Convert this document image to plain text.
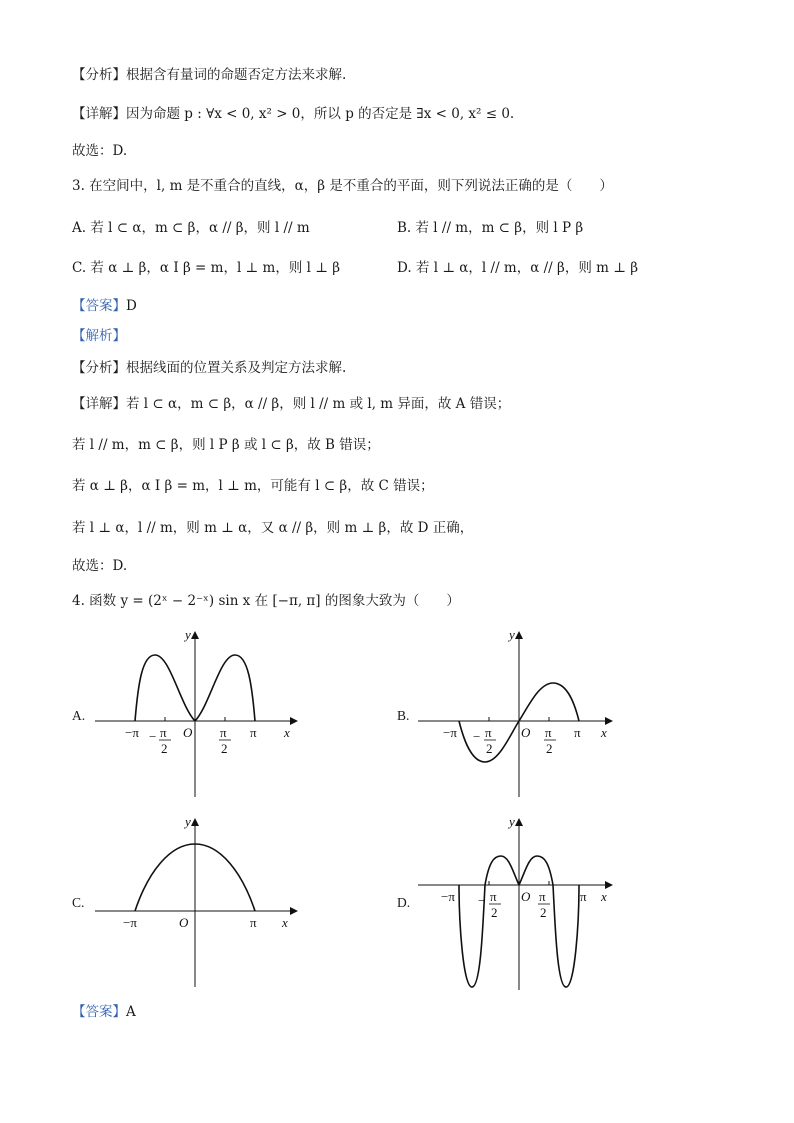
【分析】根据含有量词的命题否定方法来求解.
【详解】因为命题 p : ∀x < 0, x² > 0，所以 p 的否定是 ∃x < 0, x² ≤ 0.
故选：D.
3. 在空间中，l, m 是不重合的直线，α，β 是不重合的平面，则下列说法正确的是（　　）
A. 若 l ⊂ α，m ⊂ β，α // β，则 l // m	B. 若 l // m，m ⊂ β，则 l P β
C. 若 α ⊥ β，α I β = m，l ⊥ m，则 l ⊥ β	D. 若 l ⊥ α，l // m，α // β，则 m ⊥ β
【答案】D
【解析】
【分析】根据线面的位置关系及判定方法求解.
【详解】若 l ⊂ α，m ⊂ β，α // β，则 l // m 或 l, m 异面，故 A 错误；
若 l // m，m ⊂ β，则 l P β 或 l ⊂ β，故 B 错误；
若 α ⊥ β，α I β = m，l ⊥ m，可能有 l ⊂ β，故 C 错误；
若 l ⊥ α，l // m，则 m ⊥ α，又 α // β，则 m ⊥ β，故 D 正确，
故选：D.
4. 函数 y = (2ˣ − 2⁻ˣ) sin x 在 [−π, π] 的图象大致为（　　）
A.
y
x
O
−π − π
2
π
2
π
B.
y
x
O
−π − π
2
π
2
π
C.
y
x
O
−π	π
D.
y
x
O
−π − π
2
π
2
π
【答案】A
